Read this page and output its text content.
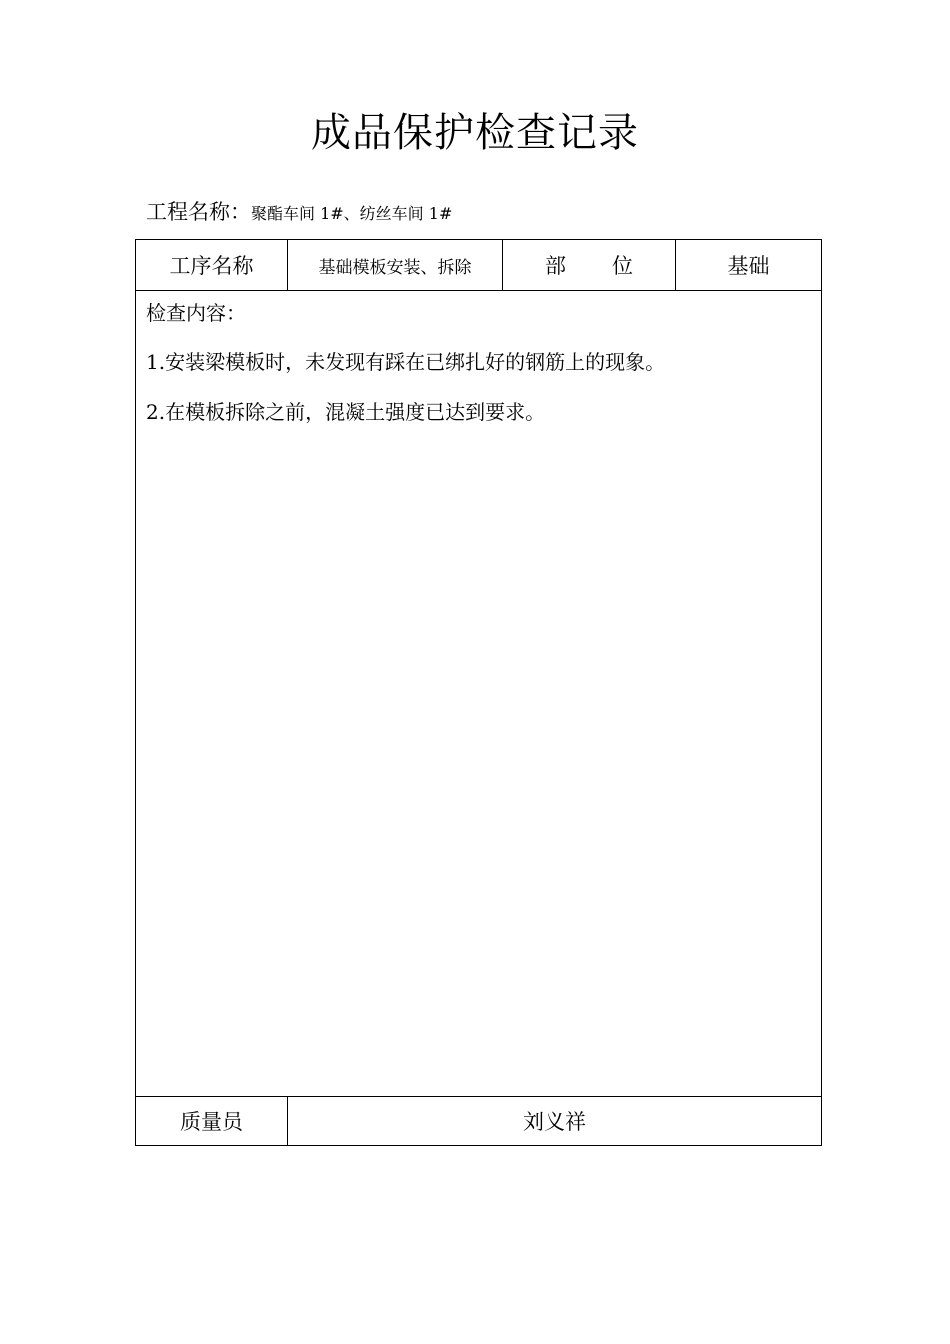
成品保护检查记录
工程名称：聚酯车间 1#、纺丝车间 1#
工序名称	基础模板安装、拆除	部 位	基础

检查内容：
1.安装梁模板时，未发现有踩在已绑扎好的钢筋上的现象。
2.在模板拆除之前，混凝土强度已达到要求。			

质量员	刘义祥		
